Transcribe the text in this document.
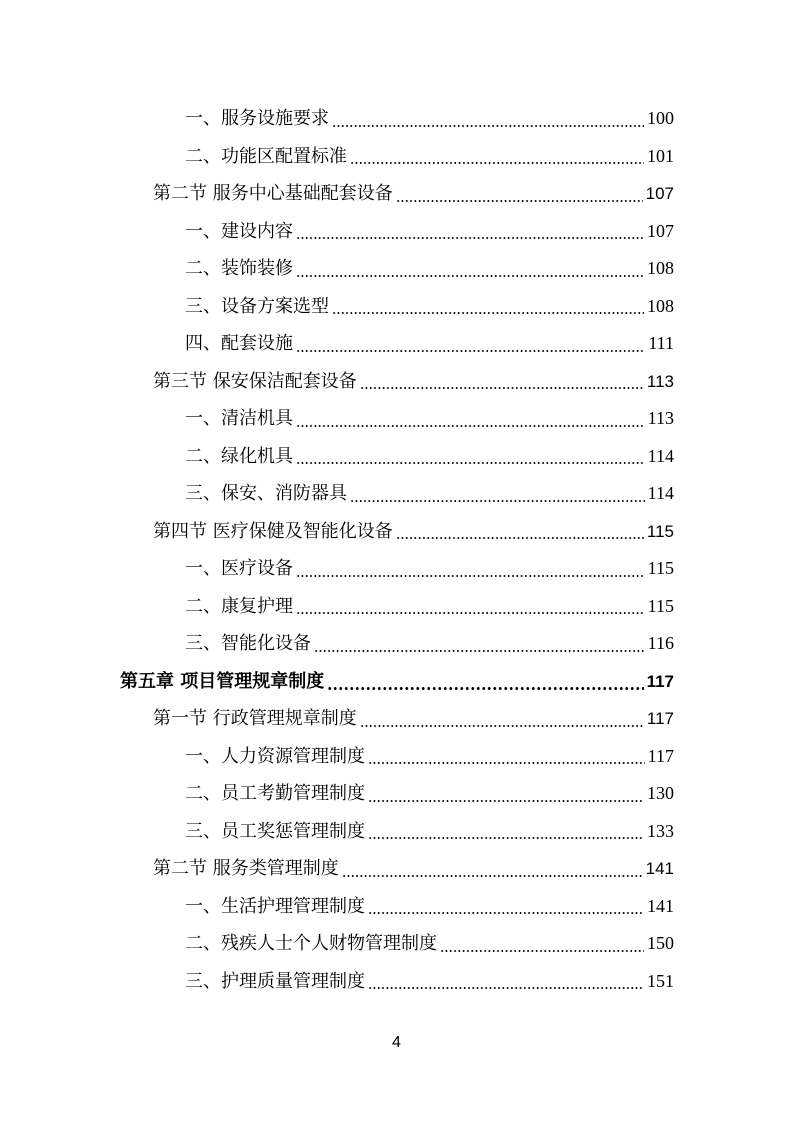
一、服务设施要求	100
二、功能区配置标准	101
第二节 服务中心基础配套设备	107
一、建设内容	107
二、装饰装修	108
三、设备方案选型	108
四、配套设施	111
第三节 保安保洁配套设备	113
一、清洁机具	113
二、绿化机具	114
三、保安、消防器具	114
第四节 医疗保健及智能化设备	115
一、医疗设备	115
二、康复护理	115
三、智能化设备	116
第五章 项目管理规章制度	117
第一节 行政管理规章制度	117
一、人力资源管理制度	117
二、员工考勤管理制度	130
三、员工奖惩管理制度	133
第二节 服务类管理制度	141
一、生活护理管理制度	141
二、残疾人士个人财物管理制度	150
三、护理质量管理制度	151
4
